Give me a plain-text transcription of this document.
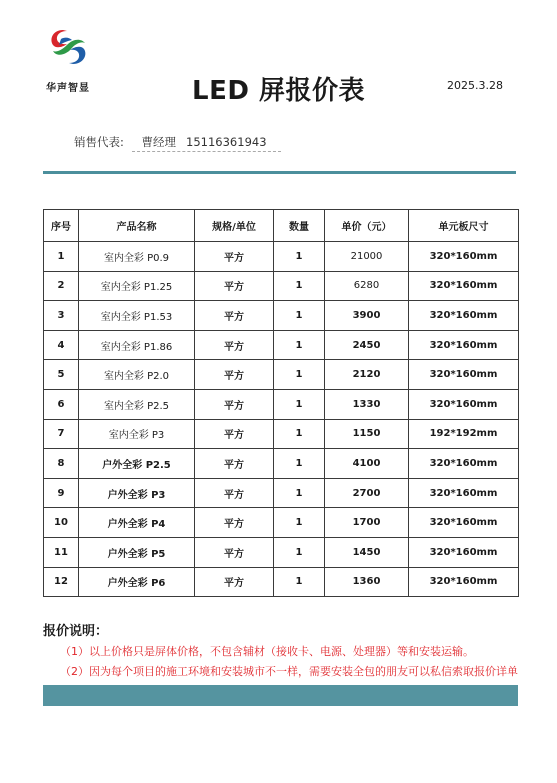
华声智显	LED 屏报价表	2025.3.28
销售代表: 曹经理 15116361943
序号	产品名称	规格/单位	数量	单价（元）	单元板尺寸
1	室内全彩 P0.9	平方	1	21000	320*160mm
2	室内全彩 P1.25	平方	1	6280	320*160mm
3	室内全彩 P1.53	平方	1	3900	320*160mm
4	室内全彩 P1.86	平方	1	2450	320*160mm
5	室内全彩 P2.0	平方	1	2120	320*160mm
6	室内全彩 P2.5	平方	1	1330	320*160mm
7	室内全彩 P3	平方	1	1150	192*192mm
8	户外全彩 P2.5	平方	1	4100	320*160mm
9	户外全彩 P3	平方	1	2700	320*160mm
10	户外全彩 P4	平方	1	1700	320*160mm
11	户外全彩 P5	平方	1	1450	320*160mm
12	户外全彩 P6	平方	1	1360	320*160mm
报价说明：
（1）以上价格只是屏体价格，不包含辅材（接收卡、电源、处理器）等和安装运输。
（2）因为每个项目的施工环境和安装城市不一样，需要安装全包的朋友可以私信索取报价详单
